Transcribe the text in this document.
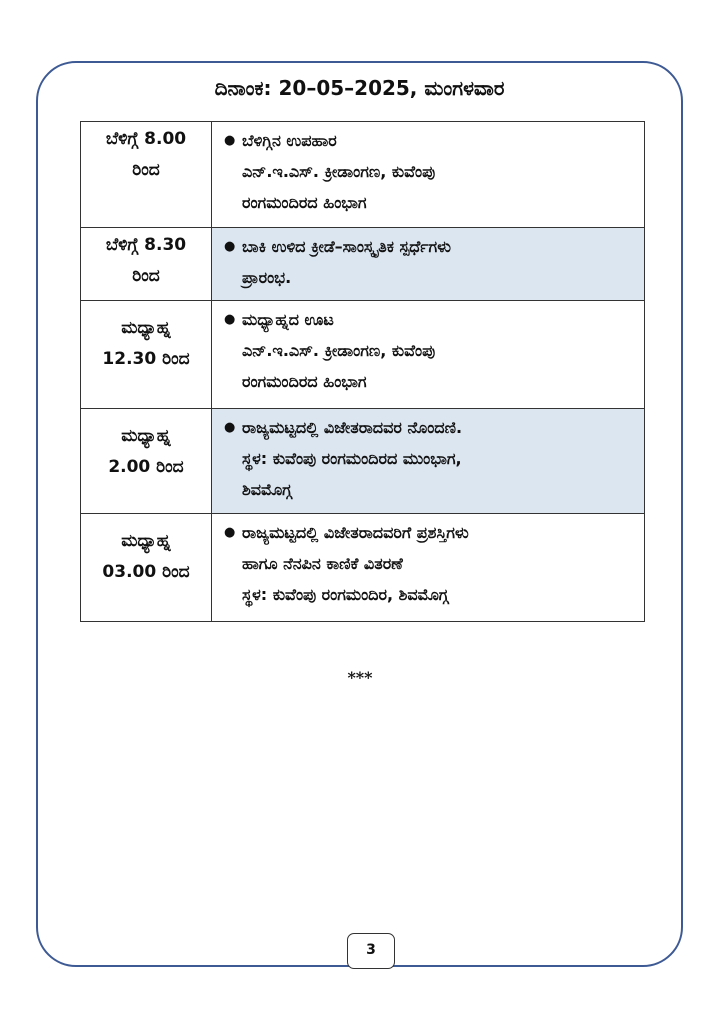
ದಿನಾಂಕ: 20–05–2025, ಮಂಗಳವಾರ
ಬೆಳಿಗ್ಗೆ 8.00
ರಿಂದ	● ಬೆಳಿಗ್ಗಿನ ಉಪಹಾರ
ಎನ್.ಇ.ಎಸ್. ಕ್ರೀಡಾಂಗಣ, ಕುವೆಂಪು
ರಂಗಮಂದಿರದ ಹಿಂಭಾಗ

ಬೆಳಿಗ್ಗೆ 8.30
ರಿಂದ	● ಬಾಕಿ ಉಳಿದ ಕ್ರೀಡೆ–ಸಾಂಸ್ಕೃತಿಕ ಸ್ಪರ್ಧೆಗಳು
ಪ್ರಾರಂಭ.

ಮಧ್ಯಾಹ್ನ
12.30 ರಿಂದ	● ಮಧ್ಯಾಹ್ನದ ಊಟ
ಎನ್.ಇ.ಎಸ್. ಕ್ರೀಡಾಂಗಣ, ಕುವೆಂಪು
ರಂಗಮಂದಿರದ ಹಿಂಭಾಗ

ಮಧ್ಯಾಹ್ನ
2.00 ರಿಂದ	● ರಾಜ್ಯಮಟ್ಟದಲ್ಲಿ ವಿಜೇತರಾದವರ ನೊಂದಣಿ.
ಸ್ಥಳ: ಕುವೆಂಪು ರಂಗಮಂದಿರದ ಮುಂಭಾಗ,
ಶಿವಮೊಗ್ಗ

ಮಧ್ಯಾಹ್ನ
03.00 ರಿಂದ	● ರಾಜ್ಯಮಟ್ಟದಲ್ಲಿ ವಿಜೇತರಾದವರಿಗೆ ಪ್ರಶಸ್ತಿಗಳು
ಹಾಗೂ ನೆನಪಿನ ಕಾಣಿಕೆ ವಿತರಣೆ
ಸ್ಥಳ: ಕುವೆಂಪು ರಂಗಮಂದಿರ, ಶಿವಮೊಗ್ಗ
***
3
